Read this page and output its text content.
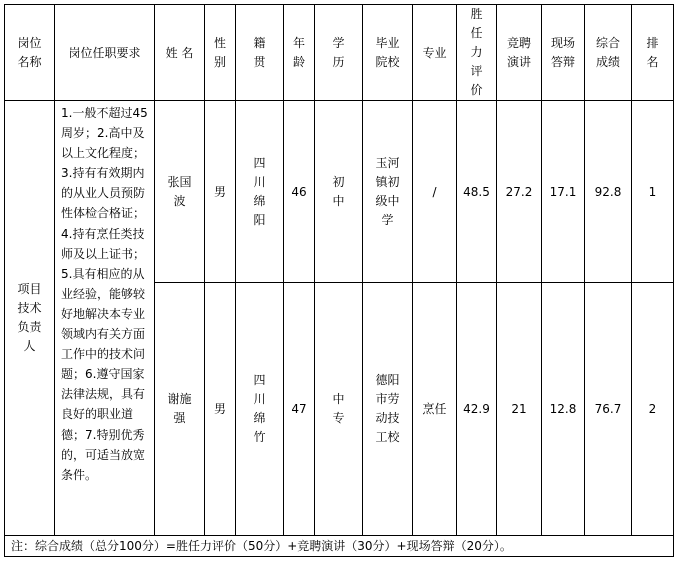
岗位名称	岗位任职要求	姓 名	性别	籍贯	年龄	学历	毕业院校	专业	胜任力评价	竞聘演讲	现场答辩	综合成绩	排名
项目技术负责人	1.一般不超过45周岁；2.高中及以上文化程度；3.持有有效期内的从业人员预防性体检合格证；4.持有烹任类技师及以上证书；5.具有相应的从业经验，能够较好地解决本专业领域内有关方面工作中的技术问题；6.遵守国家法律法规，具有良好的职业道德；7.特别优秀的，可适当放宽条件。	张国波	男	四川绵阳	46	初中	玉河镇初级中学	/	48.5	27.2	17.1	92.8	1
		谢施强	男	四川绵竹	47	中专	德阳市劳动技工校	烹任	42.9	21	12.8	76.7	2
注：综合成绩（总分100分）=胜任力评价（50分）+竞聘演讲（30分）+现场答辩（20分）。													
